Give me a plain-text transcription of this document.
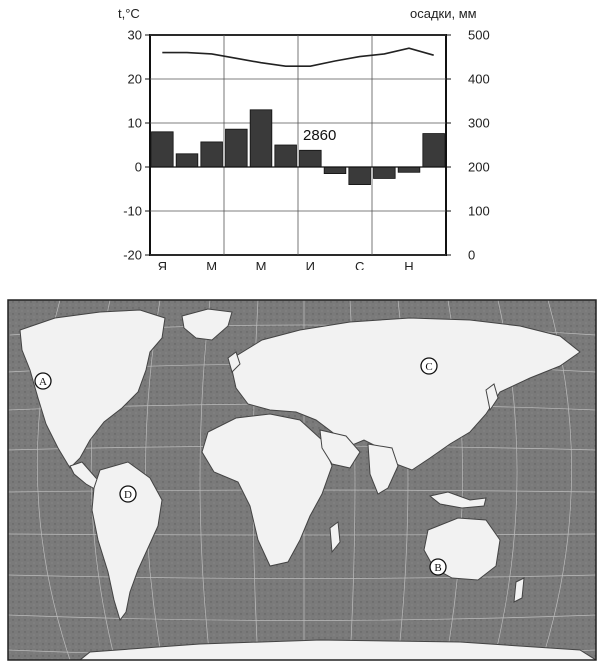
t,°C	осадки, мм
30
20
10
0
-10
-20
500
400
300
200
100
0
Я	М	М	И	С	Н
2860
A
B
C
D
